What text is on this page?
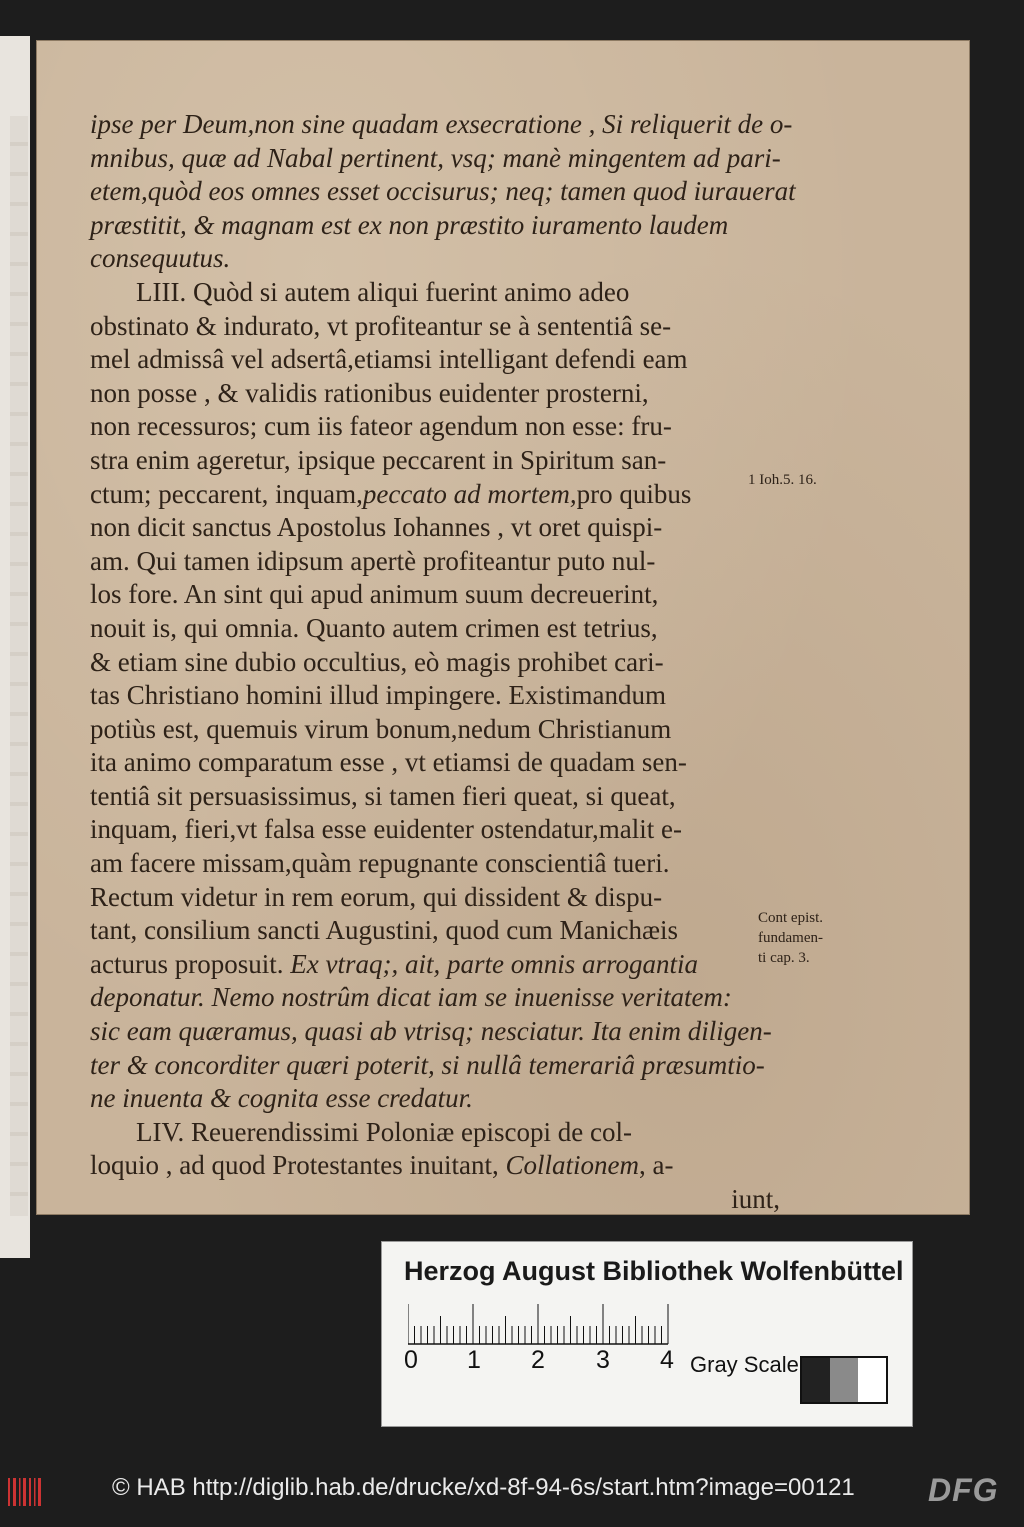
ipse per Deum,non sine quadam exsecratione , Si reliquerit de o-
mnibus, quæ ad Nabal pertinent, vsq; manè mingentem ad pari-
etem,quòd eos omnes esset occisurus; neq; tamen quod iurauerat
præstitit, & magnam est ex non præstito iuramento laudem
consequutus.
LIII. Quòd si autem aliqui fuerint animo adeo
obstinato & indurato, vt profiteantur se à sententiâ se-
mel admissâ vel adsertâ,etiamsi intelligant defendi eam
non posse , & validis rationibus euidenter prosterni,
non recessuros; cum iis fateor agendum non esse: fru-
stra enim ageretur, ipsique peccarent in Spiritum san-
ctum; peccarent, inquam,peccato ad mortem,pro quibus
non dicit sanctus Apostolus Iohannes , vt oret quispi-
am. Qui tamen idipsum apertè profiteantur puto nul-
los fore. An sint qui apud animum suum decreuerint,
nouit is, qui omnia. Quanto autem crimen est tetrius,
& etiam sine dubio occultius, eò magis prohibet cari-
tas Christiano homini illud impingere. Existimandum
potiùs est, quemuis virum bonum,nedum Christianum
ita animo comparatum esse , vt etiamsi de quadam sen-
tentiâ sit persuasissimus, si tamen fieri queat, si queat,
inquam, fieri,vt falsa esse euidenter ostendatur,malit e-
am facere missam,quàm repugnante conscientiâ tueri.
Rectum videtur in rem eorum, qui dissident & dispu-
tant, consilium sancti Augustini, quod cum Manichæis
acturus proposuit. Ex vtraq;, ait, parte omnis arrogantia
deponatur. Nemo nostrûm dicat iam se inuenisse veritatem:
sic eam quæramus, quasi ab vtrisq; nesciatur. Ita enim diligen-
ter & concorditer quæri poterit, si nullâ temerariâ præsumtio-
ne inuenta & cognita esse credatur.
LIV. Reuerendissimi Poloniæ episcopi de col-
loquio , ad quod Protestantes inuitant, Collationem, a-
iunt,
1 Ioh.5. 16.
Cont epist.
fundamen-
ti cap. 3.
Herzog August Bibliothek Wolfenbüttel
0 1 2 3 4 Gray Scale
© HAB http://diglib.hab.de/drucke/xd-8f-94-6s/start.htm?image=00121 DFG
